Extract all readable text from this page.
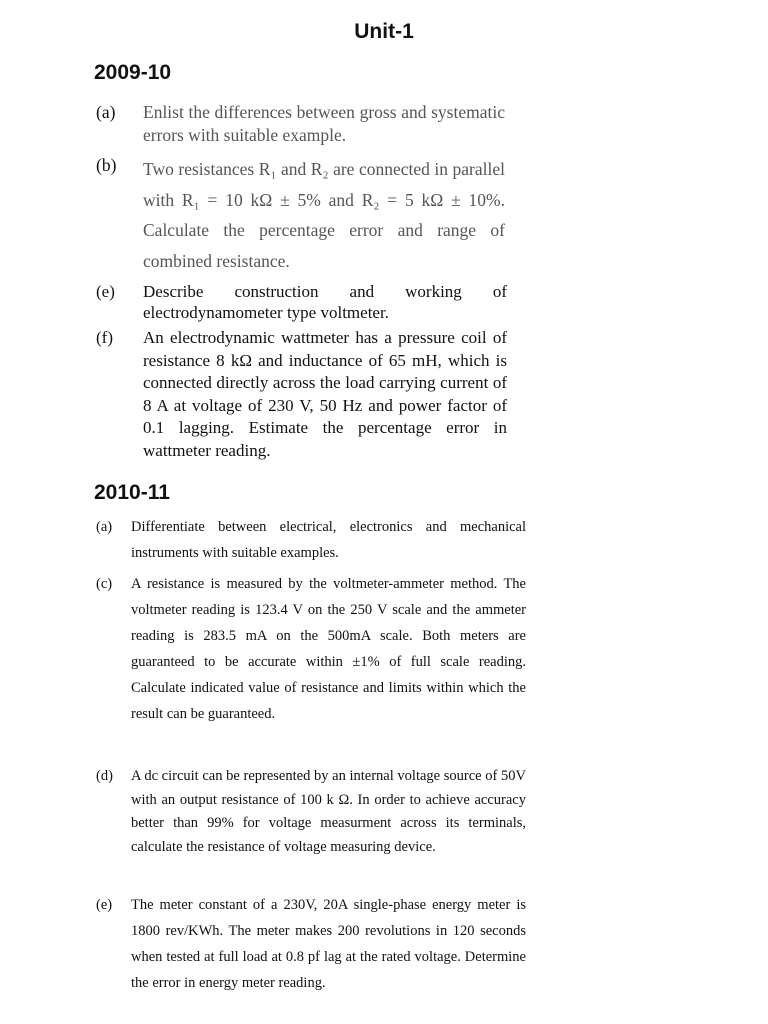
Unit-1
2009-10
(a) Enlist the differences between gross and systematic errors with suitable example.
(b) Two resistances R₁ and R₂ are connected in parallel with R₁ = 10 kΩ ± 5% and R₂ = 5 kΩ ± 10%. Calculate the percentage error and range of combined resistance.
(e) Describe construction and working of electrodynamometer type voltmeter.
(f) An electrodynamic wattmeter has a pressure coil of resistance 8 kΩ and inductance of 65 mH, which is connected directly across the load carrying current of 8 A at voltage of 230 V, 50 Hz and power factor of 0.1 lagging. Estimate the percentage error in wattmeter reading.
2010-11
(a) Differentiate between electrical, electronics and mechanical instruments with suitable examples.
(c) A resistance is measured by the voltmeter-ammeter method. The voltmeter reading is 123.4 V on the 250 V scale and the ammeter reading is 283.5 mA on the 500mA scale. Both meters are guaranteed to be accurate within ±1% of full scale reading. Calculate indicated value of resistance and limits within which the result can be guaranteed.
(d) A dc circuit can be represented by an internal voltage source of 50V with an output resistance of 100 k Ω. In order to achieve accuracy better than 99% for voltage measurment across its terminals, calculate the resistance of voltage measuring device.
(e) The meter constant of a 230V, 20A single-phase energy meter is 1800 rev/KWh. The meter makes 200 revolutions in 120 seconds when tested at full load at 0.8 pf lag at the rated voltage. Determine the error in energy meter reading.
